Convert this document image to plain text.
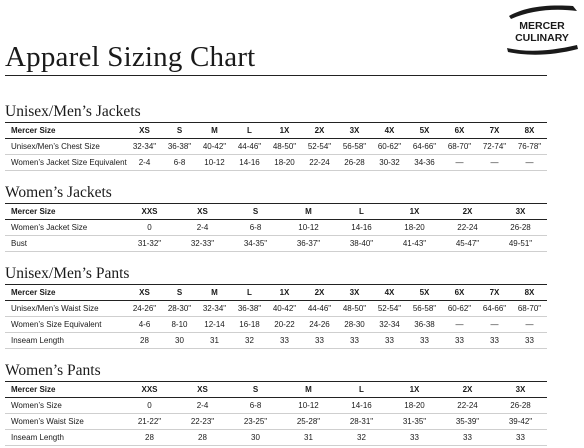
MERCER
CULINARY
Apparel Sizing Chart
Unisex/Men’s Jackets
Mercer Size	XS	S	M	L	1X	2X	3X	4X	5X	6X	7X	8X
Unisex/Men’s Chest Size	32-34"	36-38"	40-42"	44-46"	48-50"	52-54"	56-58"	60-62"	64-66"	68-70"	72-74"	76-78"
Women’s Jacket Size Equivalent	2-4	6-8	10-12	14-16	18-20	22-24	26-28	30-32	34-36	—	—	—
Women’s Jackets
Mercer Size	XXS	XS	S	M	L	1X	2X	3X
Women’s Jacket Size	0	2-4	6-8	10-12	14-16	18-20	22-24	26-28
Bust	31-32"	32-33"	34-35"	36-37"	38-40"	41-43"	45-47"	49-51"
Unisex/Men’s Pants
Mercer Size	XS	S	M	L	1X	2X	3X	4X	5X	6X	7X	8X
Unisex/Men’s Waist Size	24-26"	28-30"	32-34"	36-38"	40-42"	44-46"	48-50"	52-54"	56-58"	60-62"	64-66"	68-70"
Women’s Size Equivalent	4-6	8-10	12-14	16-18	20-22	24-26	28-30	32-34	36-38	—	—	—
Inseam Length	28	30	31	32	33	33	33	33	33	33	33	33
Women’s Pants
Mercer Size	XXS	XS	S	M	L	1X	2X	3X
Women’s Size	0	2-4	6-8	10-12	14-16	18-20	22-24	26-28
Women’s Waist Size	21-22"	22-23"	23-25"	25-28"	28-31"	31-35"	35-39"	39-42"
Inseam Length	28	28	30	31	32	33	33	33
